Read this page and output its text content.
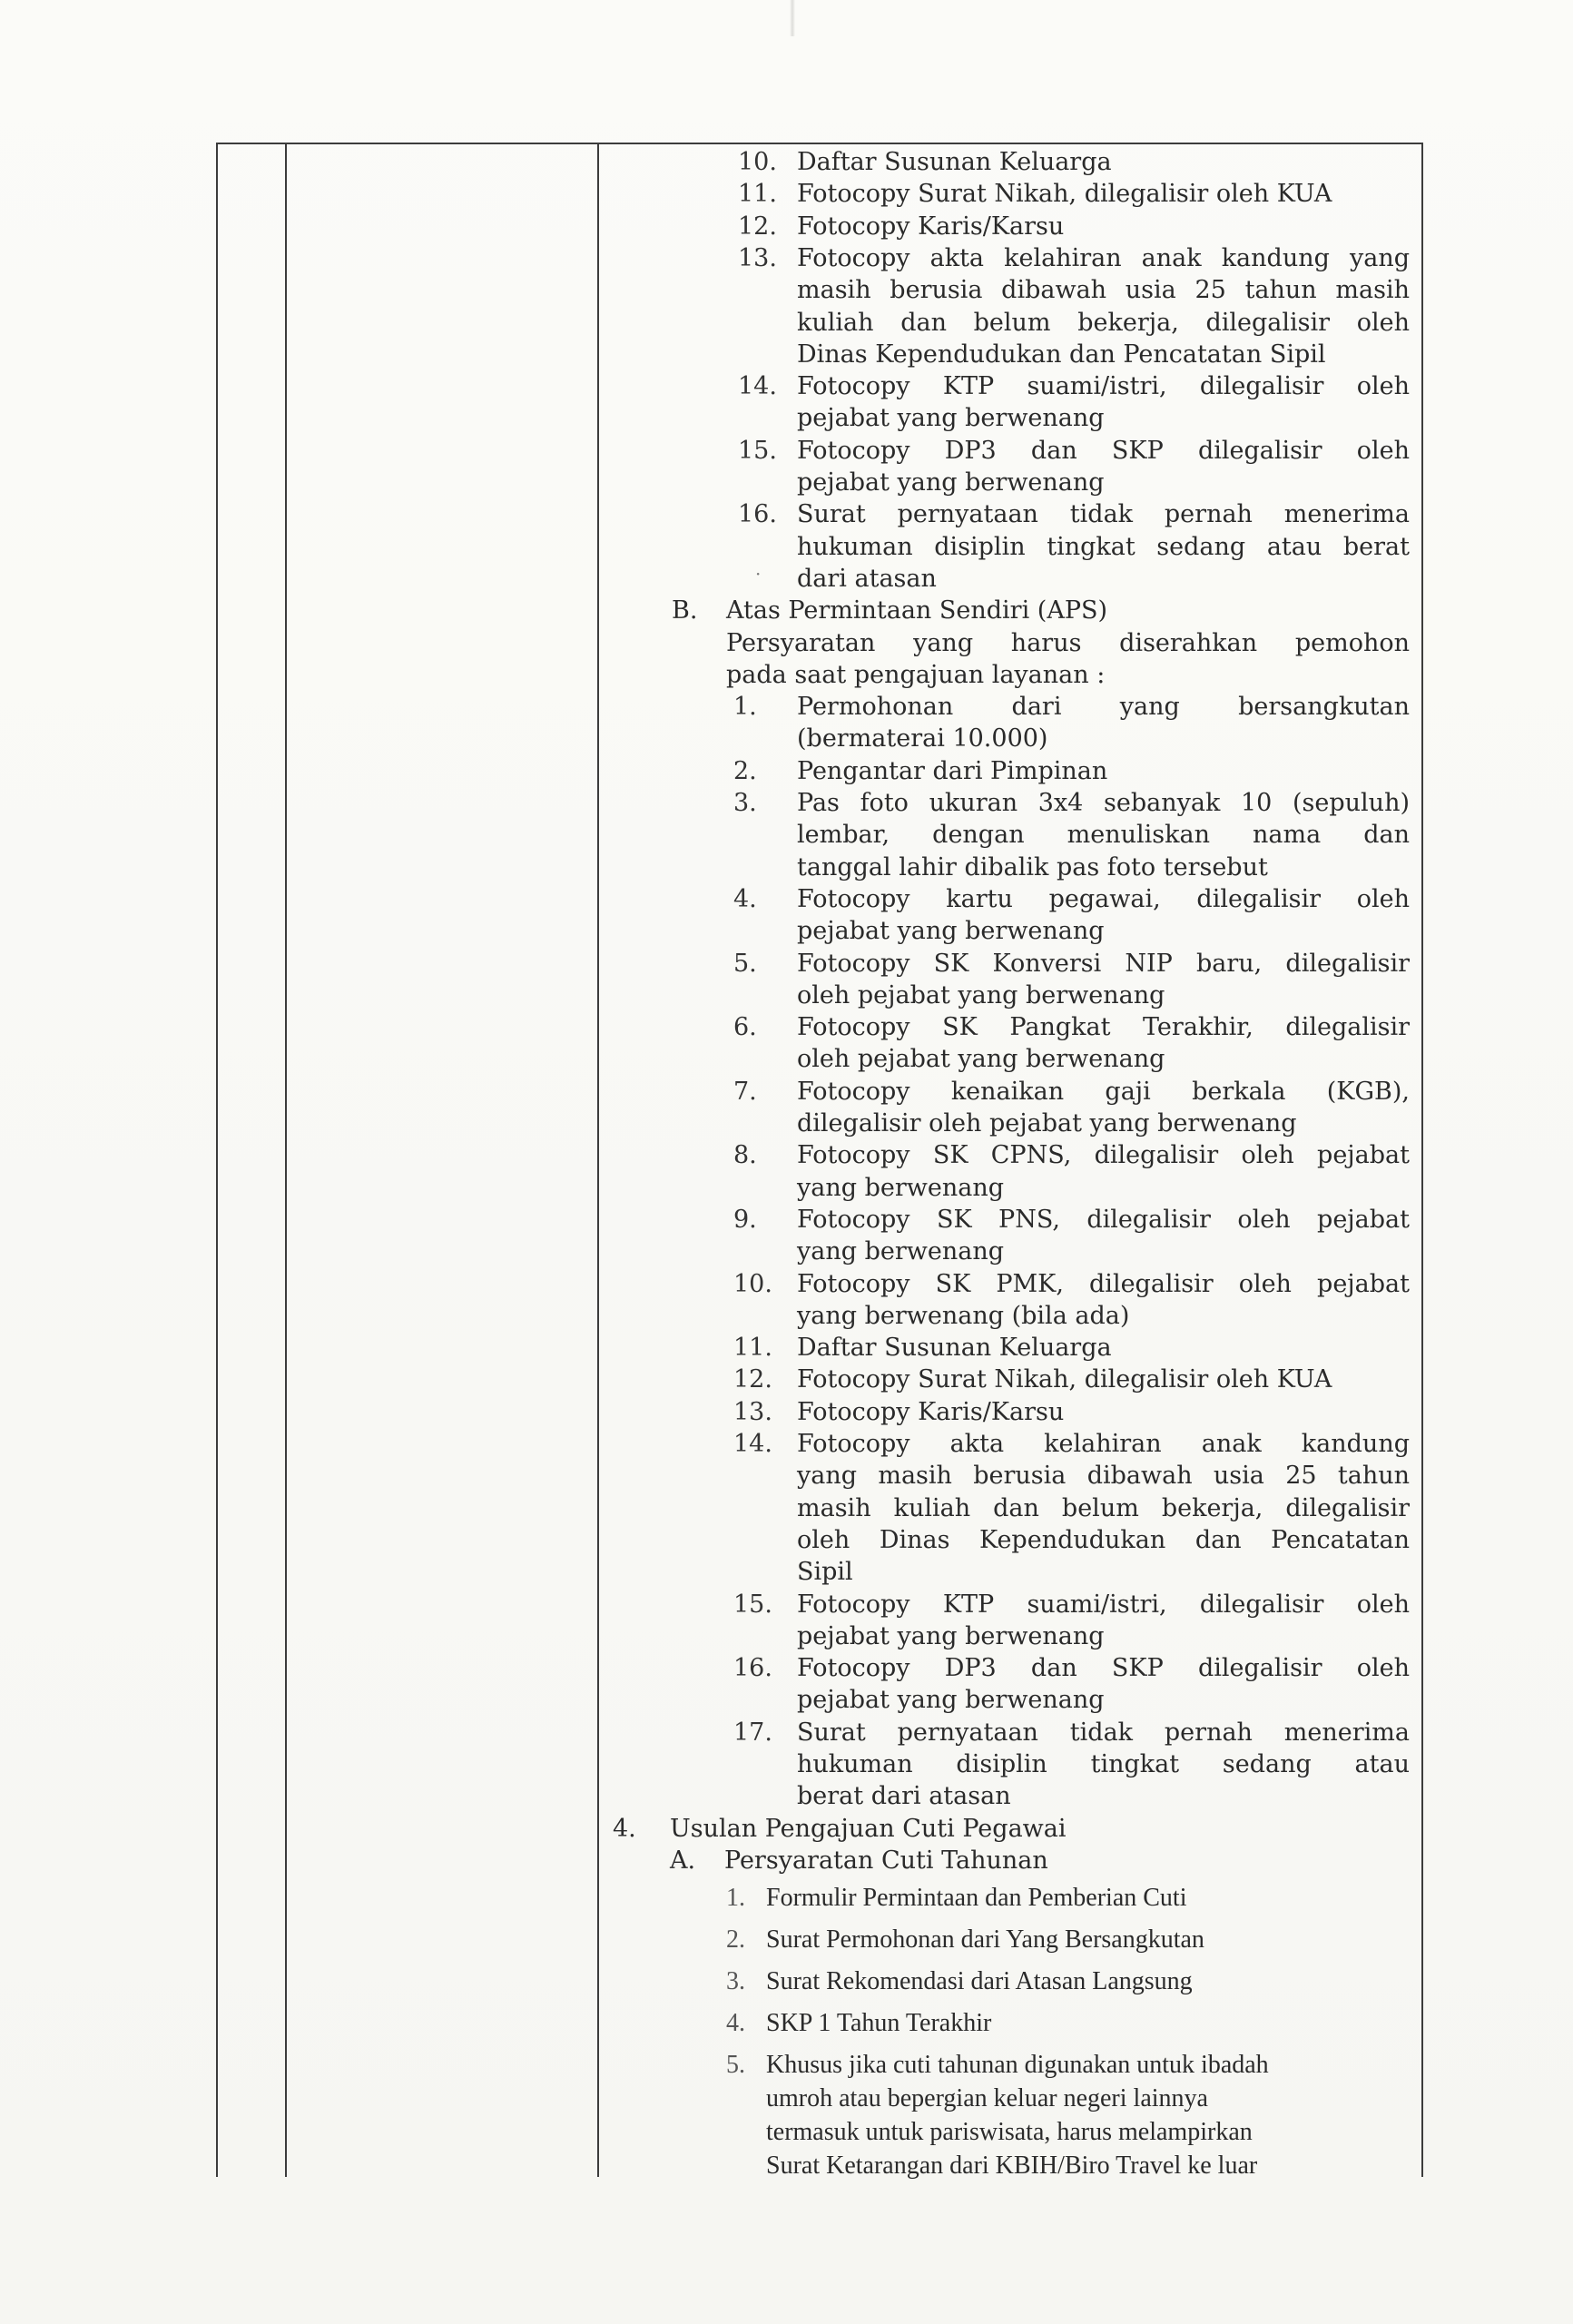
10. Daftar Susunan Keluarga
11. Fotocopy Surat Nikah, dilegalisir oleh KUA
12. Fotocopy Karis/Karsu
13. Fotocopy akta kelahiran anak kandung yang
masih berusia dibawah usia 25 tahun masih
kuliah dan belum bekerja, dilegalisir oleh
Dinas Kependudukan dan Pencatatan Sipil
14. Fotocopy KTP suami/istri, dilegalisir oleh
pejabat yang berwenang
15. Fotocopy DP3 dan SKP dilegalisir oleh
pejabat yang berwenang
16. Surat pernyataan tidak pernah menerima
hukuman disiplin tingkat sedang atau berat
dari atasan
·
B. Atas Permintaan Sendiri (APS)
Persyaratan yang harus diserahkan pemohon
pada saat pengajuan layanan :
1. Permohonan dari yang bersangkutan
(bermaterai 10.000)
2. Pengantar dari Pimpinan
3. Pas foto ukuran 3x4 sebanyak 10 (sepuluh)
lembar, dengan menuliskan nama dan
tanggal lahir dibalik pas foto tersebut
4. Fotocopy kartu pegawai, dilegalisir oleh
pejabat yang berwenang
5. Fotocopy SK Konversi NIP baru, dilegalisir
oleh pejabat yang berwenang
6. Fotocopy SK Pangkat Terakhir, dilegalisir
oleh pejabat yang berwenang
7. Fotocopy kenaikan gaji berkala (KGB),
dilegalisir oleh pejabat yang berwenang
8. Fotocopy SK CPNS, dilegalisir oleh pejabat
yang berwenang
9. Fotocopy SK PNS, dilegalisir oleh pejabat
yang berwenang
10. Fotocopy SK PMK, dilegalisir oleh pejabat
yang berwenang (bila ada)
11. Daftar Susunan Keluarga
12. Fotocopy Surat Nikah, dilegalisir oleh KUA
13. Fotocopy Karis/Karsu
14. Fotocopy akta kelahiran anak kandung
yang masih berusia dibawah usia 25 tahun
masih kuliah dan belum bekerja, dilegalisir
oleh Dinas Kependudukan dan Pencatatan
Sipil
15. Fotocopy KTP suami/istri, dilegalisir oleh
pejabat yang berwenang
16. Fotocopy DP3 dan SKP dilegalisir oleh
pejabat yang berwenang
17. Surat pernyataan tidak pernah menerima
hukuman disiplin tingkat sedang atau
berat dari atasan
4. Usulan Pengajuan Cuti Pegawai
A. Persyaratan Cuti Tahunan
1. Formulir Permintaan dan Pemberian Cuti
2. Surat Permohonan dari Yang Bersangkutan
3. Surat Rekomendasi dari Atasan Langsung
4. SKP 1 Tahun Terakhir
5. Khusus jika cuti tahunan digunakan untuk ibadah
umroh atau bepergian keluar negeri lainnya
termasuk untuk pariswisata, harus melampirkan
Surat Ketarangan dari KBIH/Biro Travel ke luar
